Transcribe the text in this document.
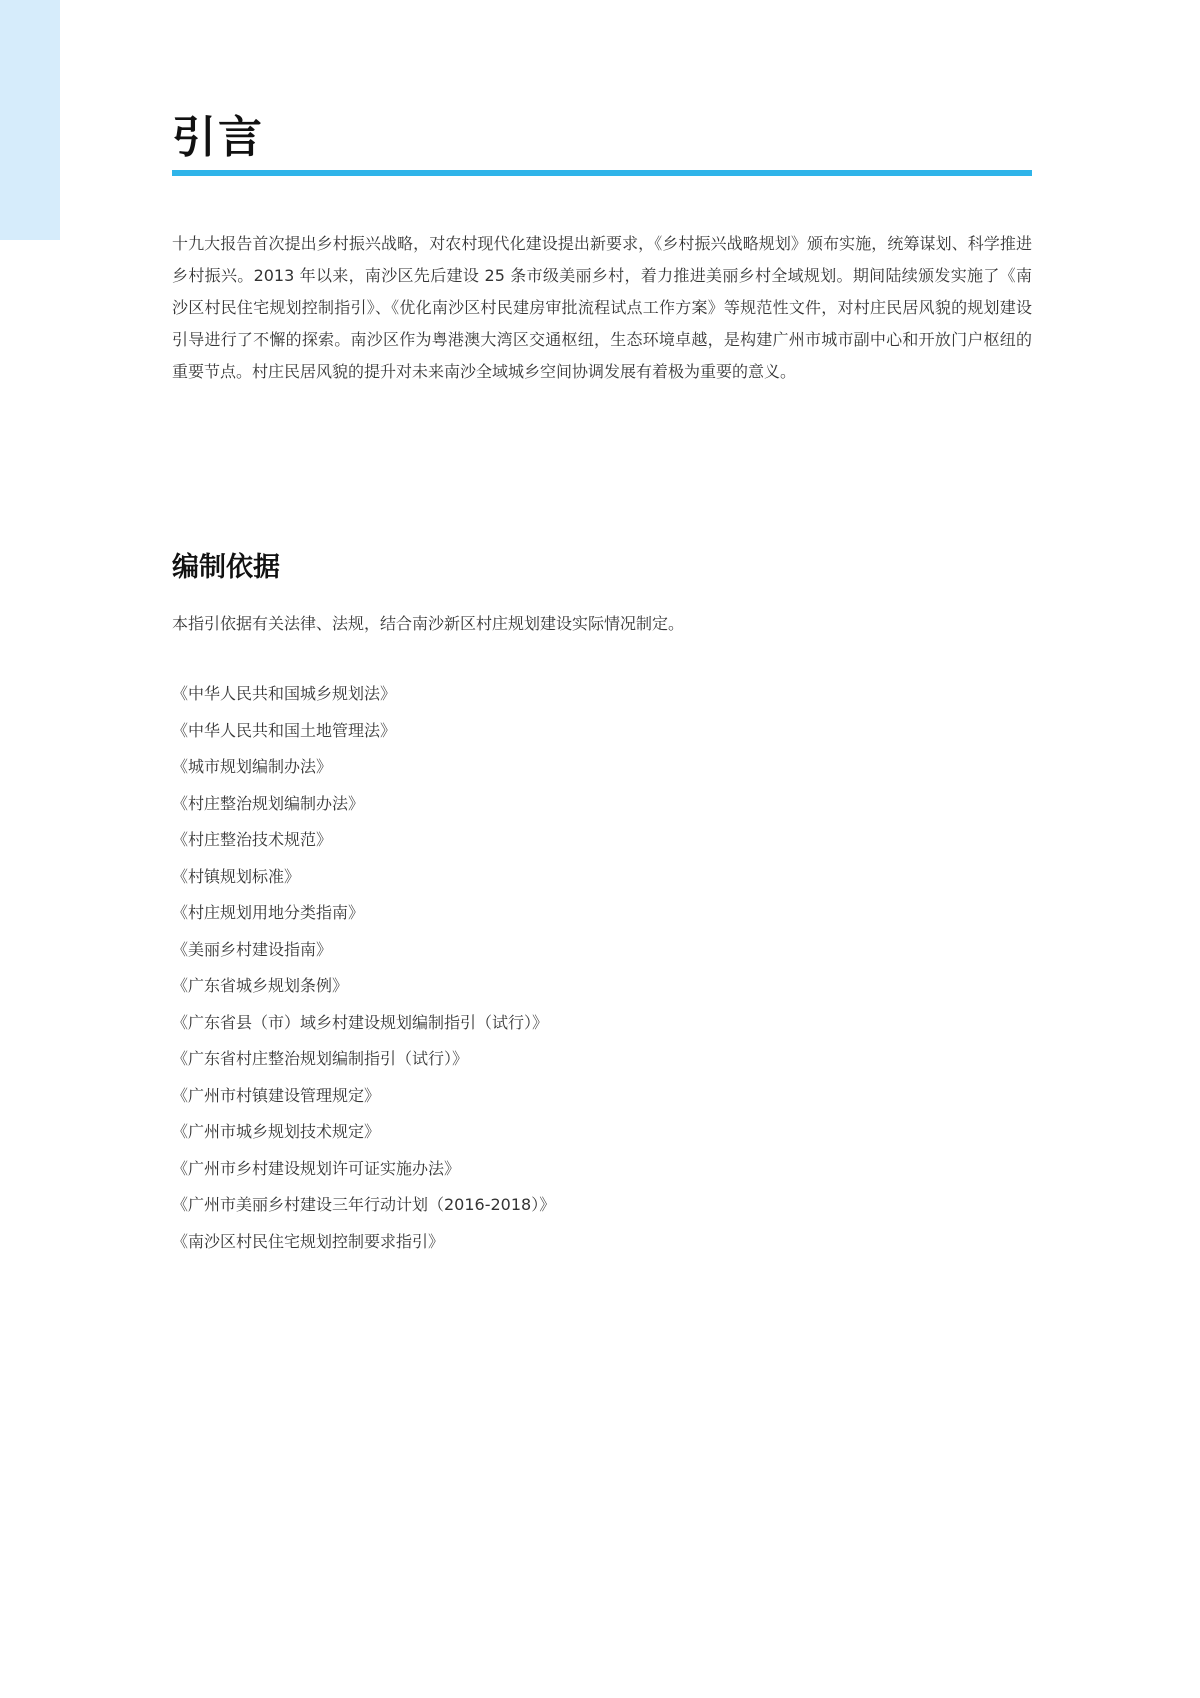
引言

十九大报告首次提出乡村振兴战略，对农村现代化建设提出新要求，《乡村振兴战略规划》颁布实施，统筹谋划、科学推进乡村振兴。2013 年以来，南沙区先后建设 25 条市级美丽乡村，着力推进美丽乡村全域规划。期间陆续颁发实施了《南沙区村民住宅规划控制指引》、《优化南沙区村民建房审批流程试点工作方案》等规范性文件，对村庄民居风貌的规划建设引导进行了不懈的探索。南沙区作为粤港澳大湾区交通枢纽，生态环境卓越，是构建广州市城市副中心和开放门户枢纽的重要节点。村庄民居风貌的提升对未来南沙全域城乡空间协调发展有着极为重要的意义。

编制依据

本指引依据有关法律、法规，结合南沙新区村庄规划建设实际情况制定。

《中华人民共和国城乡规划法》
《中华人民共和国土地管理法》
《城市规划编制办法》
《村庄整治规划编制办法》
《村庄整治技术规范》
《村镇规划标准》
《村庄规划用地分类指南》
《美丽乡村建设指南》
《广东省城乡规划条例》
《广东省县（市）域乡村建设规划编制指引（试行）》
《广东省村庄整治规划编制指引（试行）》
《广州市村镇建设管理规定》
《广州市城乡规划技术规定》
《广州市乡村建设规划许可证实施办法》
《广州市美丽乡村建设三年行动计划（2016-2018）》
《南沙区村民住宅规划控制要求指引》
